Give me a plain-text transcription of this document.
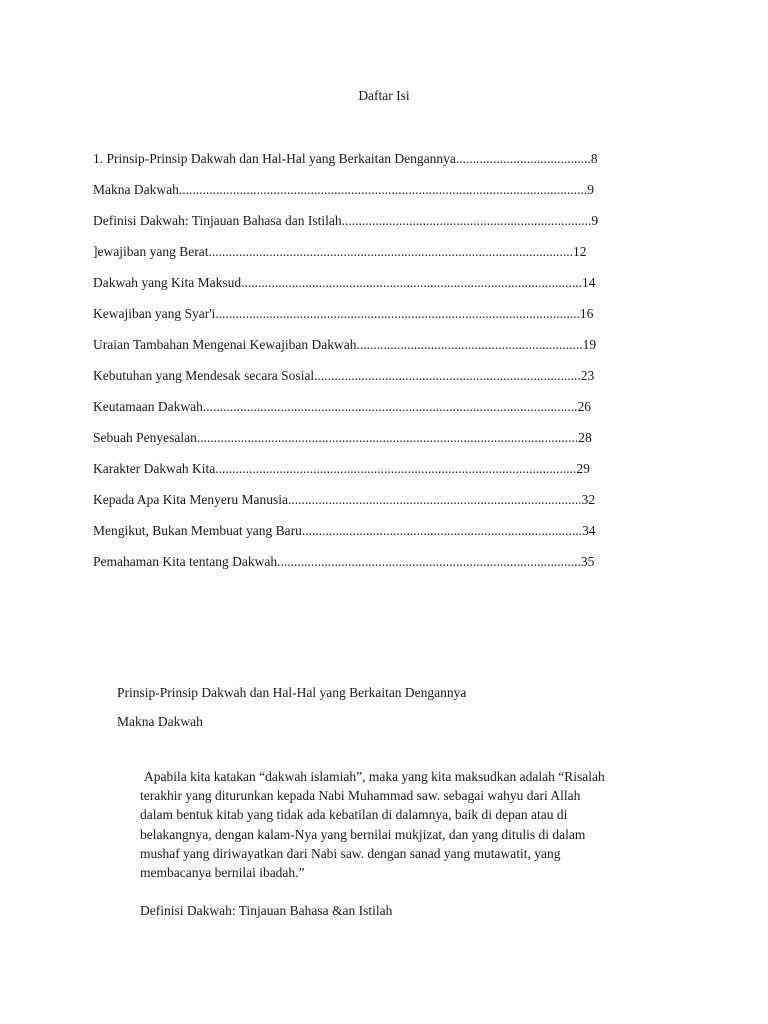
Daftar Isi
1. Prinsip-Prinsip Dakwah dan Hal-Hal yang Berkaitan Dengannya........................................8
Makna Dakwah.........................................................................................................................9
Definisi Dakwah: Tinjauan Bahasa dan Istilah..........................................................................9
]ewajiban yang Berat............................................................................................................12
Dakwah yang Kita Maksud.....................................................................................................14
Kewajiban yang Syar'i............................................................................................................16
Uraian Tambahan Mengenai Kewajiban Dakwah...................................................................19
Kebutuhan yang Mendesak secara Sosial...............................................................................23
Keutamaan Dakwah...............................................................................................................26
Sebuah Penyesalan.................................................................................................................28
Karakter Dakwah Kita...........................................................................................................29
Kepada Apa Kita Menyeru Manusia.......................................................................................32
Mengikut, Bukan Membuat yang Baru...................................................................................34
Pemahaman Kita tentang Dakwah..........................................................................................35
Prinsip-Prinsip Dakwah dan Hal-Hal yang Berkaitan Dengannya
Makna Dakwah

Apabila kita katakan “dakwah islamiah”, maka yang kita maksudkan adalah “Risalah
terakhir yang diturunkan kepada Nabi Muhammad saw. sebagai wahyu dari Allah
dalam bentuk kitab yang tidak ada kebatilan di dalamnya, baik di depan atau di
belakangnya, dengan kalam-Nya yang bernilai mukjizat, dan yang ditulis di dalam
mushaf yang diriwayatkan dari Nabi saw. dengan sanad yang mutawatit, yang
membacanya bernilai ibadah.”

Definisi Dakwah: Tinjauan Bahasa &an Istilah
